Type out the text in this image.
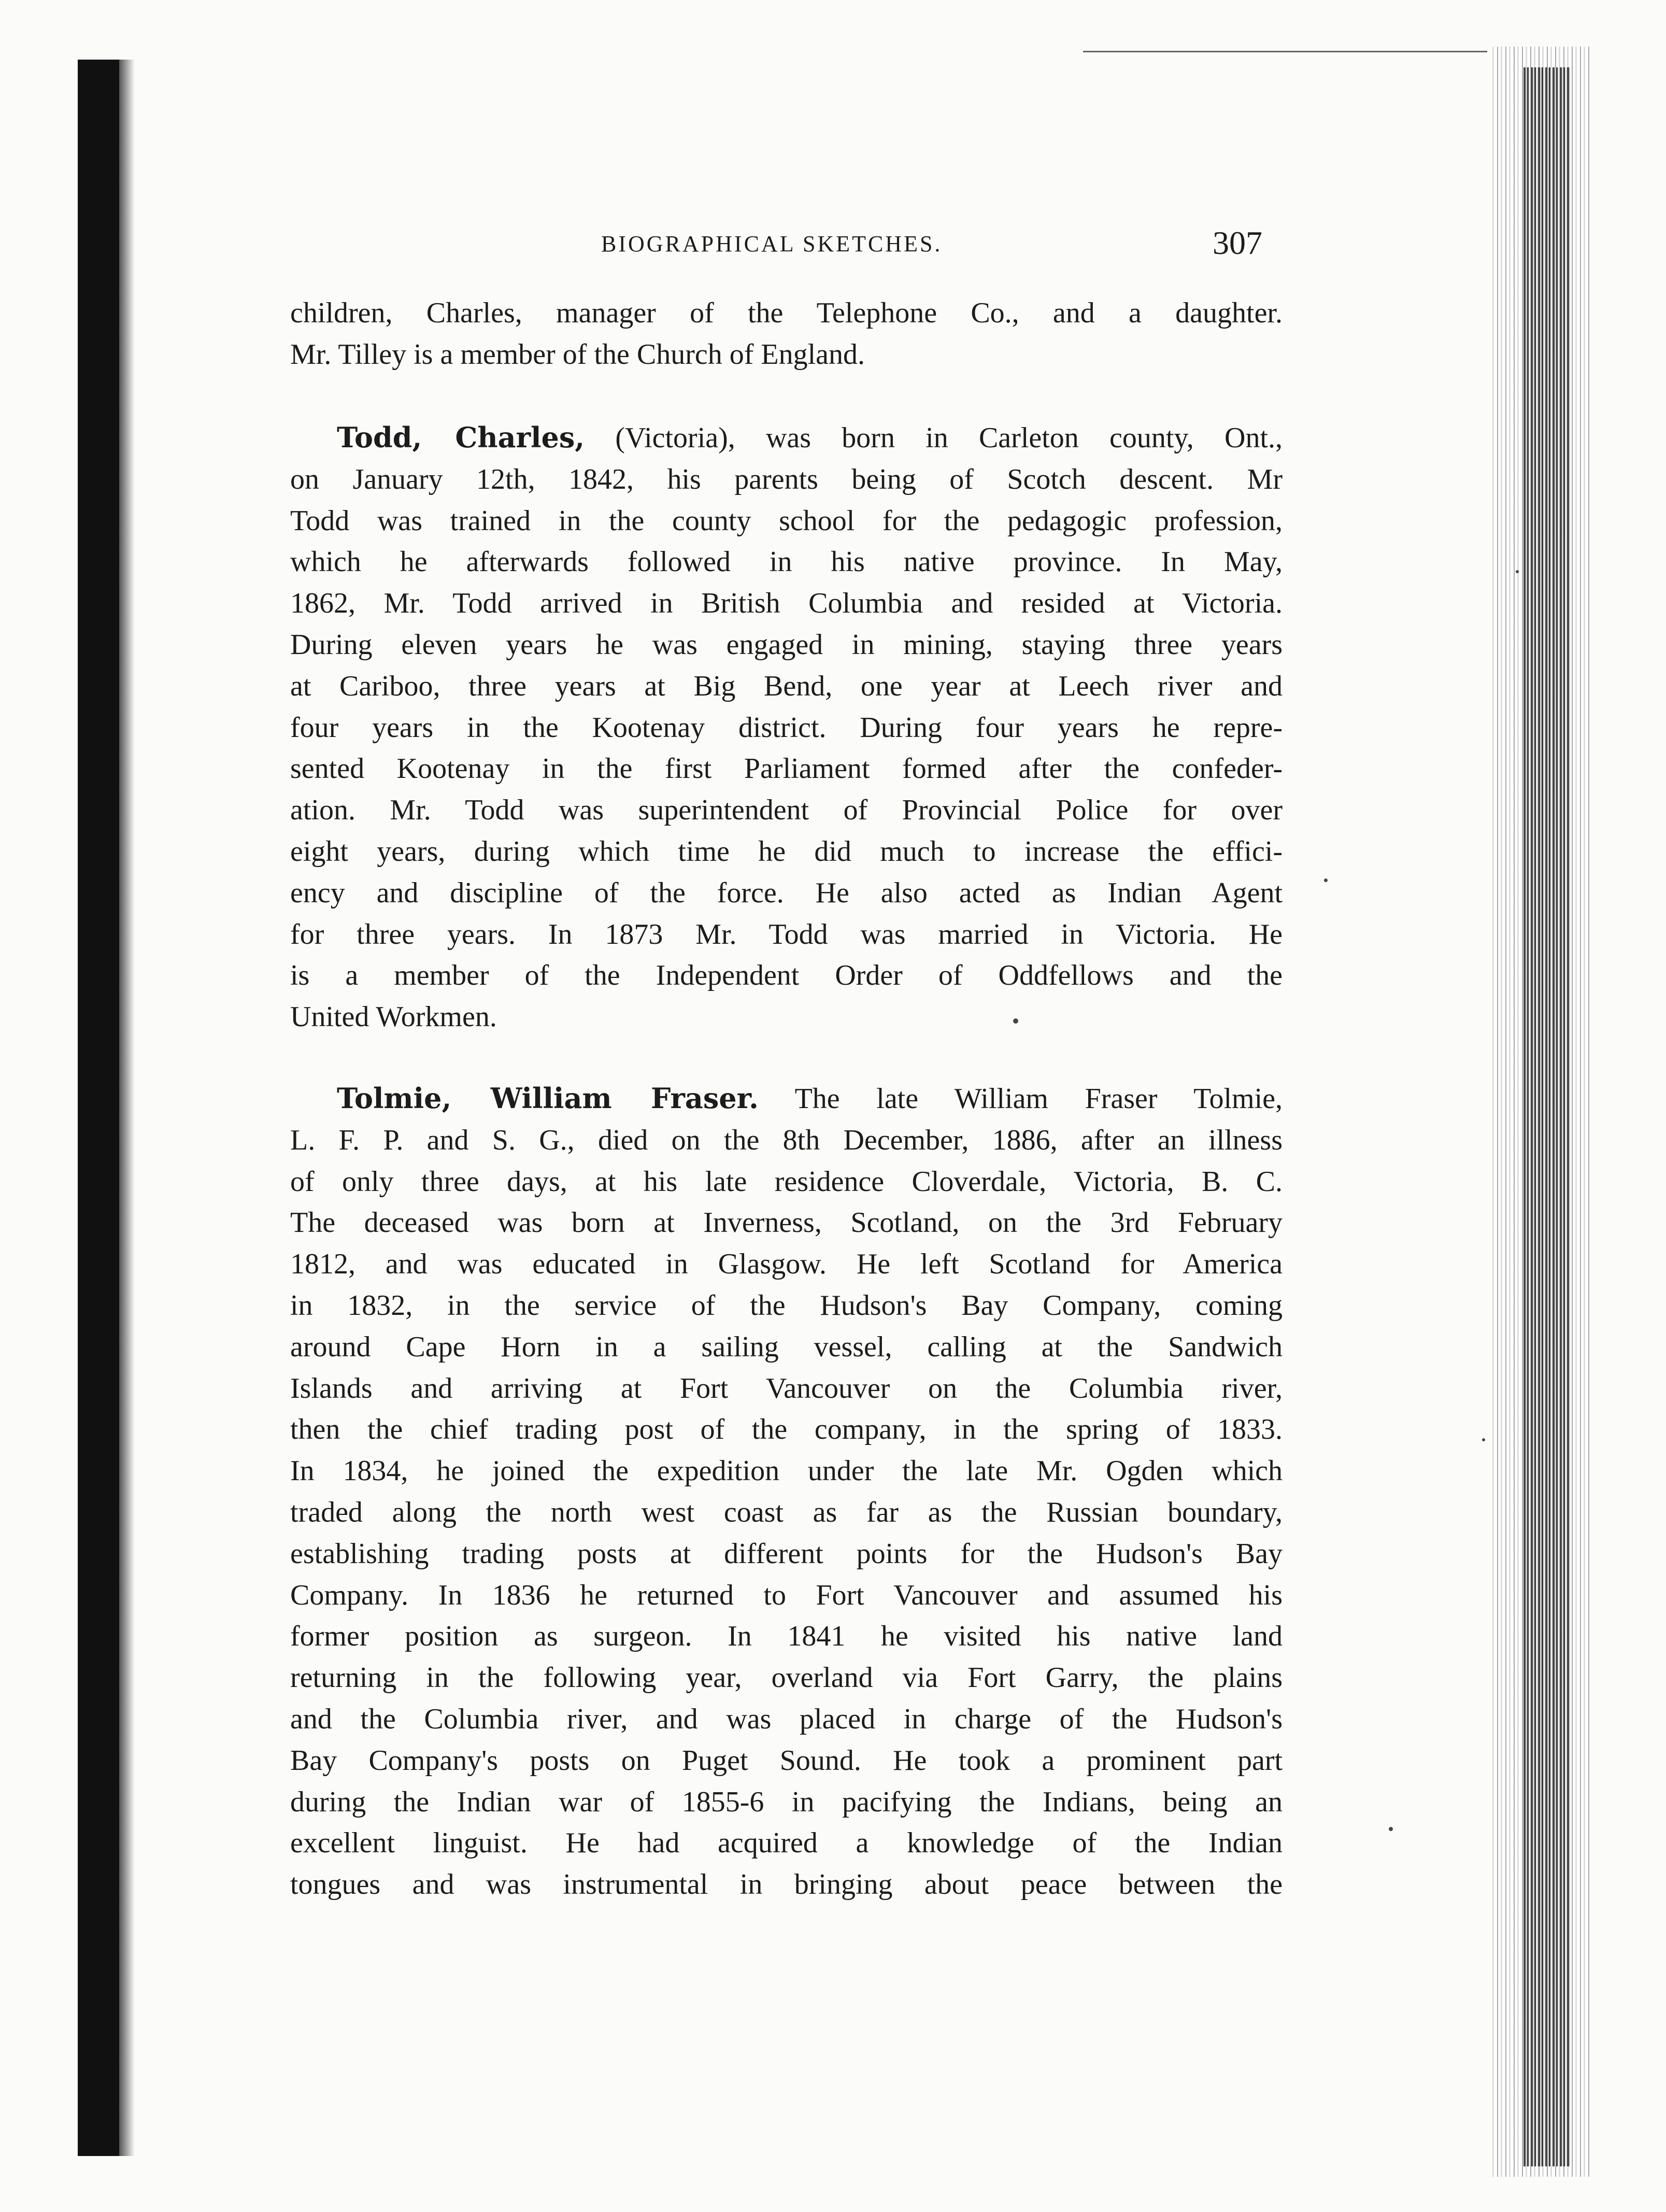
BIOGRAPHICAL SKETCHES.	307
children, Charles, manager of the Telephone Co., and a daughter.
Mr. Tilley is a member of the Church of England.
Todd, Charles, (Victoria), was born in Carleton county, Ont.,
on January 12th, 1842, his parents being of Scotch descent. Mr
Todd was trained in the county school for the pedagogic profession,
which he afterwards followed in his native province. In May,
1862, Mr. Todd arrived in British Columbia and resided at Victoria.
During eleven years he was engaged in mining, staying three years
at Cariboo, three years at Big Bend, one year at Leech river and
four years in the Kootenay district. During four years he repre-
sented Kootenay in the first Parliament formed after the confeder-
ation. Mr. Todd was superintendent of Provincial Police for over
eight years, during which time he did much to increase the effici-
ency and discipline of the force. He also acted as Indian Agent
for three years. In 1873 Mr. Todd was married in Victoria. He
is a member of the Independent Order of Oddfellows and the
United Workmen.
Tolmie, William Fraser. The late William Fraser Tolmie,
L. F. P. and S. G., died on the 8th December, 1886, after an illness
of only three days, at his late residence Cloverdale, Victoria, B. C.
The deceased was born at Inverness, Scotland, on the 3rd February
1812, and was educated in Glasgow. He left Scotland for America
in 1832, in the service of the Hudson's Bay Company, coming
around Cape Horn in a sailing vessel, calling at the Sandwich
Islands and arriving at Fort Vancouver on the Columbia river,
then the chief trading post of the company, in the spring of 1833.
In 1834, he joined the expedition under the late Mr. Ogden which
traded along the north west coast as far as the Russian boundary,
establishing trading posts at different points for the Hudson's Bay
Company. In 1836 he returned to Fort Vancouver and assumed his
former position as surgeon. In 1841 he visited his native land
returning in the following year, overland via Fort Garry, the plains
and the Columbia river, and was placed in charge of the Hudson's
Bay Company's posts on Puget Sound. He took a prominent part
during the Indian war of 1855-6 in pacifying the Indians, being an
excellent linguist. He had acquired a knowledge of the Indian
tongues and was instrumental in bringing about peace between the
